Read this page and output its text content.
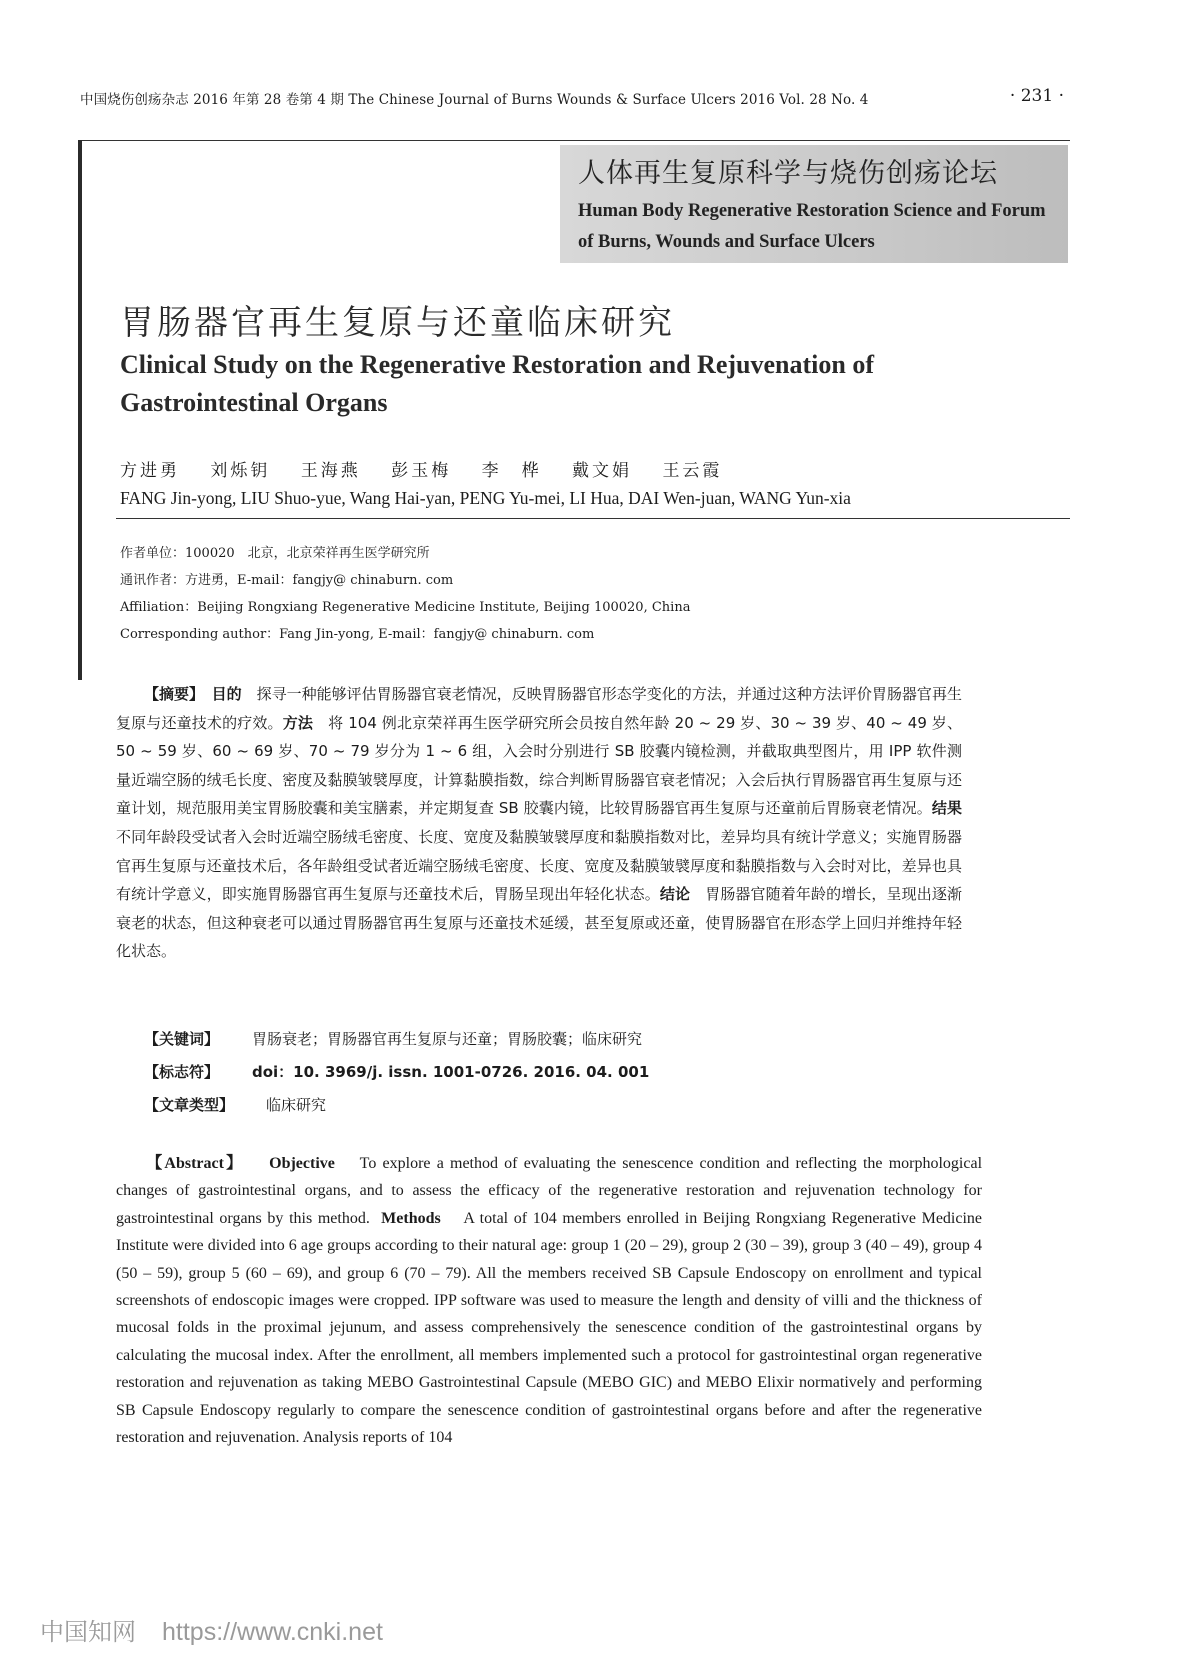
中国烧伤创疡杂志 2016 年第 28 卷第 4 期 The Chinese Journal of Burns Wounds & Surface Ulcers 2016 Vol. 28 No. 4	· 231 ·
人体再生复原科学与烧伤创疡论坛
Human Body Regenerative Restoration Science and Forum of Burns, Wounds and Surface Ulcers
胃肠器官再生复原与还童临床研究
Clinical Study on the Regenerative Restoration and Rejuvenation of Gastrointestinal Organs
方进勇 刘烁钥 王海燕 彭玉梅 李　桦 戴文娟 王云霞
FANG Jin-yong, LIU Shuo-yue, Wang Hai-yan, PENG Yu-mei, LI Hua, DAI Wen-juan, WANG Yun-xia
作者单位：100020　北京，北京荣祥再生医学研究所
通讯作者：方进勇，E-mail：fangjy@ chinaburn. com
Affiliation：Beijing Rongxiang Regenerative Medicine Institute, Beijing 100020, China
Corresponding author：Fang Jin-yong, E-mail：fangjy@ chinaburn. com
【摘要】　 目的　 探寻一种能够评估胃肠器官衰老情况，反映胃肠器官形态学变化的方法，并通过这种方法评价胃肠器官再生复原与还童技术的疗效。方法　 将 104 例北京荣祥再生医学研究所会员按自然年龄 20 ~ 29 岁、30 ~ 39 岁、40 ~ 49 岁、50 ~ 59 岁、60 ~ 69 岁、70 ~ 79 岁分为 1 ~ 6 组，入会时分别进行 SB 胶囊内镜检测，并截取典型图片，用 IPP 软件测量近端空肠的绒毛长度、密度及黏膜皱襞厚度，计算黏膜指数，综合判断胃肠器官衰老情况；入会后执行胃肠器官再生复原与还童计划，规范服用美宝胃肠胶囊和美宝膳素，并定期复查 SB 胶囊内镜，比较胃肠器官再生复原与还童前后胃肠衰老情况。结果　不同年龄段受试者入会时近端空肠绒毛密度、长度、宽度及黏膜皱襞厚度和黏膜指数对比，差异均具有统计学意义；实施胃肠器官再生复原与还童技术后，各年龄组受试者近端空肠绒毛密度、长度、宽度及黏膜皱襞厚度和黏膜指数与入会时对比，差异也具有统计学意义，即实施胃肠器官再生复原与还童技术后，胃肠呈现出年轻化状态。结论　 胃肠器官随着年龄的增长，呈现出逐渐衰老的状态，但这种衰老可以通过胃肠器官再生复原与还童技术延缓，甚至复原或还童，使胃肠器官在形态学上回归并维持年轻化状态。
【关键词】 胃肠衰老；胃肠器官再生复原与还童；胃肠胶囊；临床研究
【标志符】 doi：10. 3969/j. issn. 1001-0726. 2016. 04. 001
【文章类型】 临床研究
【Abstract】 Objective To explore a method of evaluating the senescence condition and reflecting the morphological changes of gastrointestinal organs, and to assess the efficacy of the regenerative restoration and rejuvenation technology for gastrointestinal organs by this method. Methods A total of 104 members enrolled in Beijing Rongxiang Regenerative Medicine Institute were divided into 6 age groups according to their natural age: group 1 (20 – 29), group 2 (30 – 39), group 3 (40 – 49), group 4 (50 – 59), group 5 (60 – 69), and group 6 (70 – 79). All the members received SB Capsule Endoscopy on enrollment and typical screenshots of endoscopic images were cropped. IPP software was used to measure the length and density of villi and the thickness of mucosal folds in the proximal jejunum, and assess comprehensively the senescence condition of the gastrointestinal organs by calculating the mucosal index. After the enrollment, all members implemented such a protocol for gastrointestinal organ regenerative restoration and rejuvenation as taking MEBO Gastrointestinal Capsule (MEBO GIC) and MEBO Elixir normatively and performing SB Capsule Endoscopy regularly to compare the senescence condition of gastrointestinal organs before and after the regenerative restoration and rejuvenation. Analysis reports of 104
中国知网 https://www.cnki.net
